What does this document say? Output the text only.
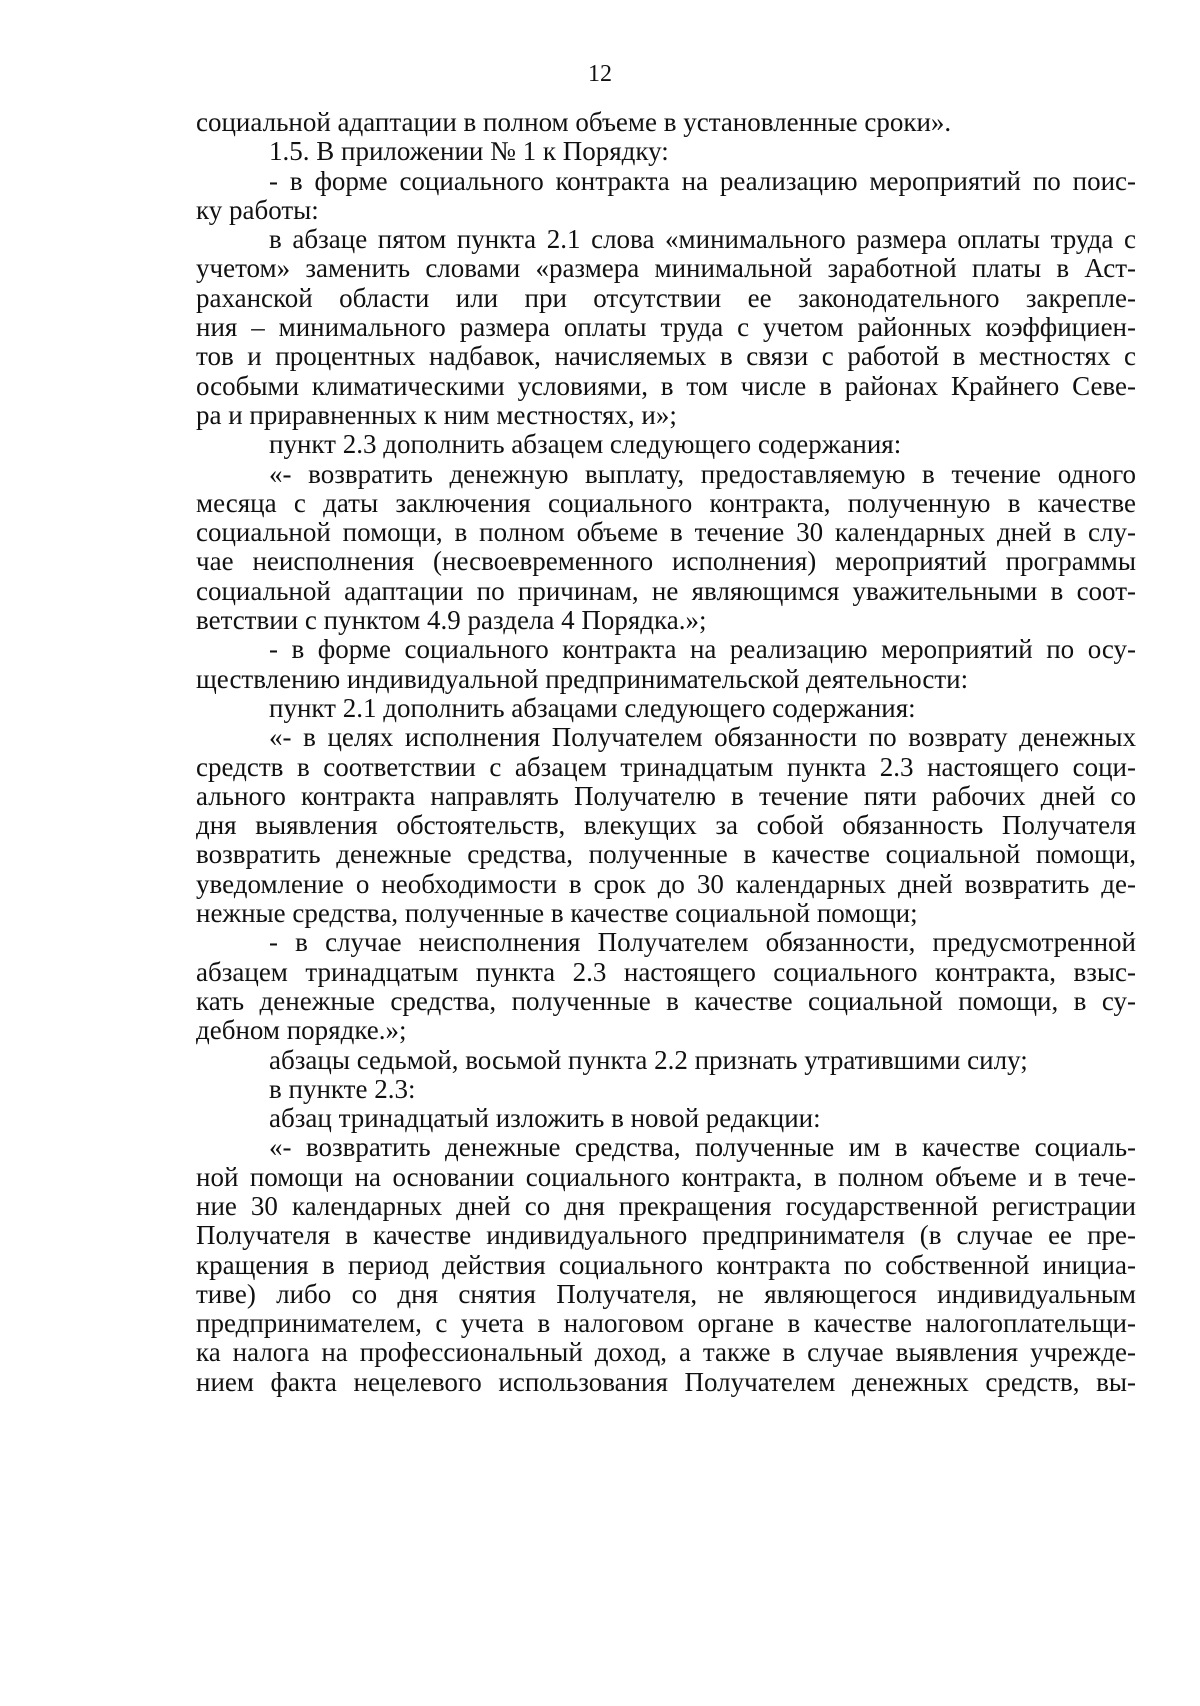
12
социальной адаптации в полном объеме в установленные сроки».
1.5. В приложении № 1 к Порядку:
- в форме социального контракта на реализацию мероприятий по поис-
ку работы:
в абзаце пятом пункта 2.1 слова «минимального размера оплаты труда с
учетом» заменить словами «размера минимальной заработной платы в Аст-
раханской области или при отсутствии ее законодательного закрепле-
ния – минимального размера оплаты труда с учетом районных коэффициен-
тов и процентных надбавок, начисляемых в связи с работой в местностях с
особыми климатическими условиями, в том числе в районах Крайнего Севе-
ра и приравненных к ним местностях, и»;
пункт 2.3 дополнить абзацем следующего содержания:
«- возвратить денежную выплату, предоставляемую в течение одного
месяца с даты заключения социального контракта, полученную в качестве
социальной помощи, в полном объеме в течение 30 календарных дней в слу-
чае неисполнения (несвоевременного исполнения) мероприятий программы
социальной адаптации по причинам, не являющимся уважительными в соот-
ветствии с пунктом 4.9 раздела 4 Порядка.»;
- в форме социального контракта на реализацию мероприятий по осу-
ществлению индивидуальной предпринимательской деятельности:
пункт 2.1 дополнить абзацами следующего содержания:
«- в целях исполнения Получателем обязанности по возврату денежных
средств в соответствии с абзацем тринадцатым пункта 2.3 настоящего соци-
ального контракта направлять Получателю в течение пяти рабочих дней со
дня выявления обстоятельств, влекущих за собой обязанность Получателя
возвратить денежные средства, полученные в качестве социальной помощи,
уведомление о необходимости в срок до 30 календарных дней возвратить де-
нежные средства, полученные в качестве социальной помощи;
- в случае неисполнения Получателем обязанности, предусмотренной
абзацем тринадцатым пункта 2.3 настоящего социального контракта, взыс-
кать денежные средства, полученные в качестве социальной помощи, в су-
дебном порядке.»;
абзацы седьмой, восьмой пункта 2.2 признать утратившими силу;
в пункте 2.3:
абзац тринадцатый изложить в новой редакции:
«- возвратить денежные средства, полученные им в качестве социаль-
ной помощи на основании социального контракта, в полном объеме и в тече-
ние 30 календарных дней со дня прекращения государственной регистрации
Получателя в качестве индивидуального предпринимателя (в случае ее пре-
кращения в период действия социального контракта по собственной инициа-
тиве) либо со дня снятия Получателя, не являющегося индивидуальным
предпринимателем, с учета в налоговом органе в качестве налогоплательщи-
ка налога на профессиональный доход, а также в случае выявления учрежде-
нием факта нецелевого использования Получателем денежных средств, вы-
